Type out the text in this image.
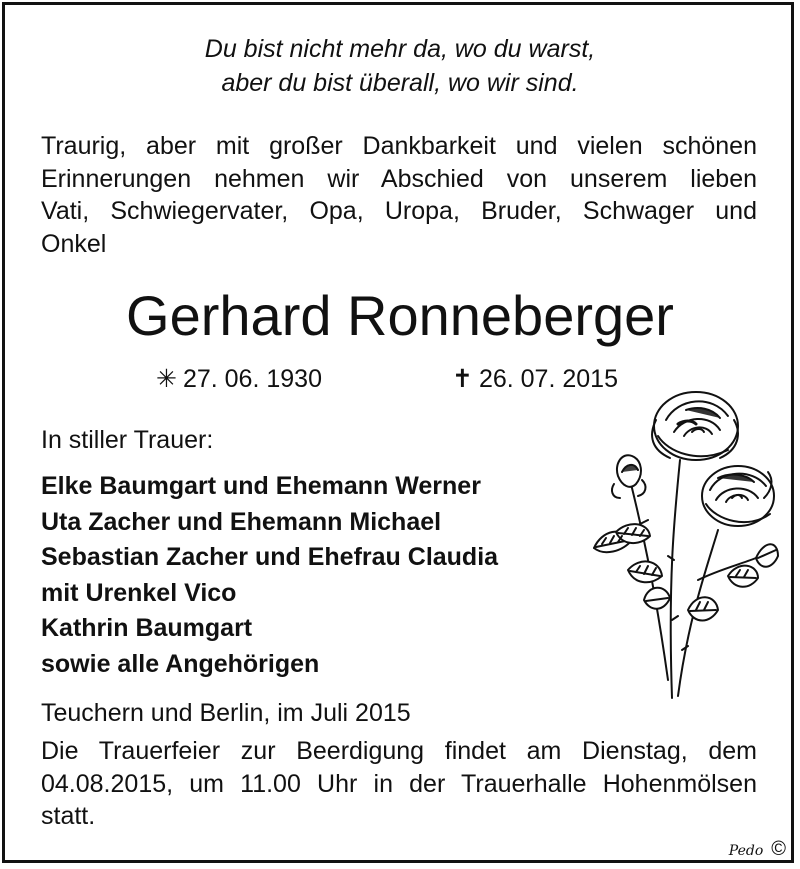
Du bist nicht mehr da, wo du warst,
aber du bist überall, wo wir sind.
Traurig, aber mit großer Dankbarkeit und vielen schönen
Erinnerungen nehmen wir Abschied von unserem lieben
Vati, Schwiegervater, Opa, Uropa, Bruder, Schwager und
Onkel
Gerhard Ronneberger
✳ 27. 06. 1930	✝ 26. 07. 2015
In stiller Trauer:
Elke Baumgart und Ehemann Werner
Uta Zacher und Ehemann Michael
Sebastian Zacher und Ehefrau Claudia
mit Urenkel Vico
Kathrin Baumgart
sowie alle Angehörigen
Teuchern und Berlin, im Juli 2015
Die Trauerfeier zur Beerdigung findet am Dienstag, dem
04.08.2015, um 11.00 Uhr in der Trauerhalle Hohenmölsen
statt.
Pedo ©
